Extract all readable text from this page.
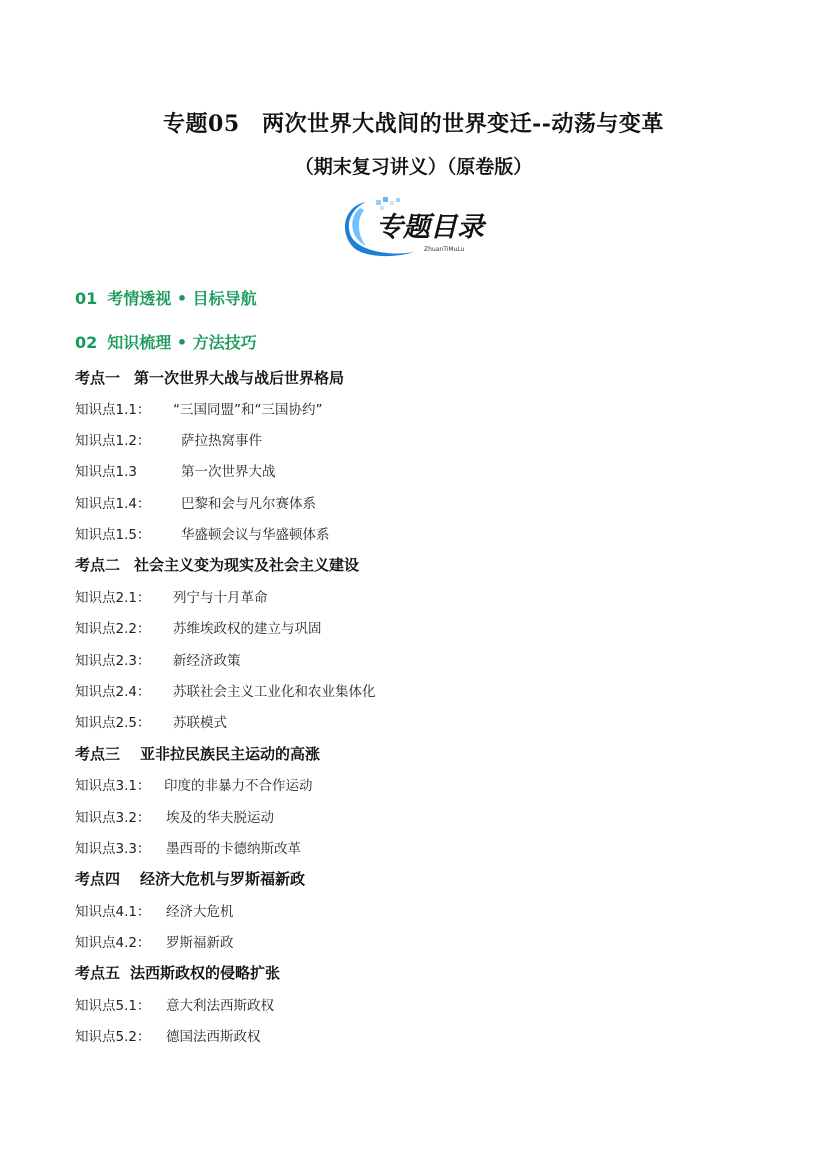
专题05　两次世界大战间的世界变迁--动荡与变革
（期末复习讲义）（原卷版）
专题目录
ZhuanTiMuLu
01 考情透视 • 目标导航
02 知识梳理 • 方法技巧
考点一 第一次世界大战与战后世界格局
知识点1.1： “三国同盟”和“三国协约”
知识点1.2： 萨拉热窝事件
知识点1.3	第一次世界大战
知识点1.4： 巴黎和会与凡尔赛体系
知识点1.5： 华盛顿会议与华盛顿体系
考点二 社会主义变为现实及社会主义建设
知识点2.1： 列宁与十月革命
知识点2.2： 苏维埃政权的建立与巩固
知识点2.3： 新经济政策
知识点2.4： 苏联社会主义工业化和农业集体化
知识点2.5： 苏联模式
考点三 亚非拉民族民主运动的高涨
知识点3.1： 印度的非暴力不合作运动
知识点3.2： 埃及的华夫脱运动
知识点3.3： 墨西哥的卡德纳斯改革
考点四 经济大危机与罗斯福新政
知识点4.1： 经济大危机
知识点4.2： 罗斯福新政
考点五 法西斯政权的侵略扩张
知识点5.1： 意大利法西斯政权
知识点5.2： 德国法西斯政权
